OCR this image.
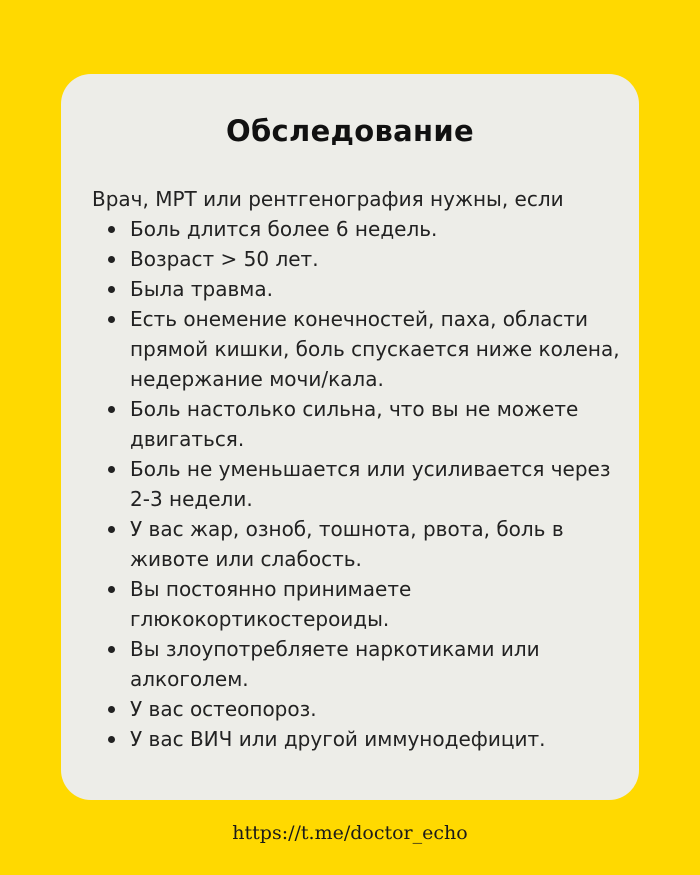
Обследование

Врач, МРТ или рентгенография нужны, если

Боль длится более 6 недель.
Возраст > 50 лет.
Была травма.
Есть онемение конечностей, паха, области прямой кишки, боль спускается ниже колена, недержание мочи/кала.
Боль настолько сильна, что вы не можете двигаться.
Боль не уменьшается или усиливается через 2-3 недели.
У вас жар, озноб, тошнота, рвота, боль в животе или слабость.
Вы постоянно принимаете глюкокортикостероиды.
Вы злоупотребляете наркотиками или алкоголем.
У вас остеопороз.
У вас ВИЧ или другой иммунодефицит.
https://t.me/doctor_echo
